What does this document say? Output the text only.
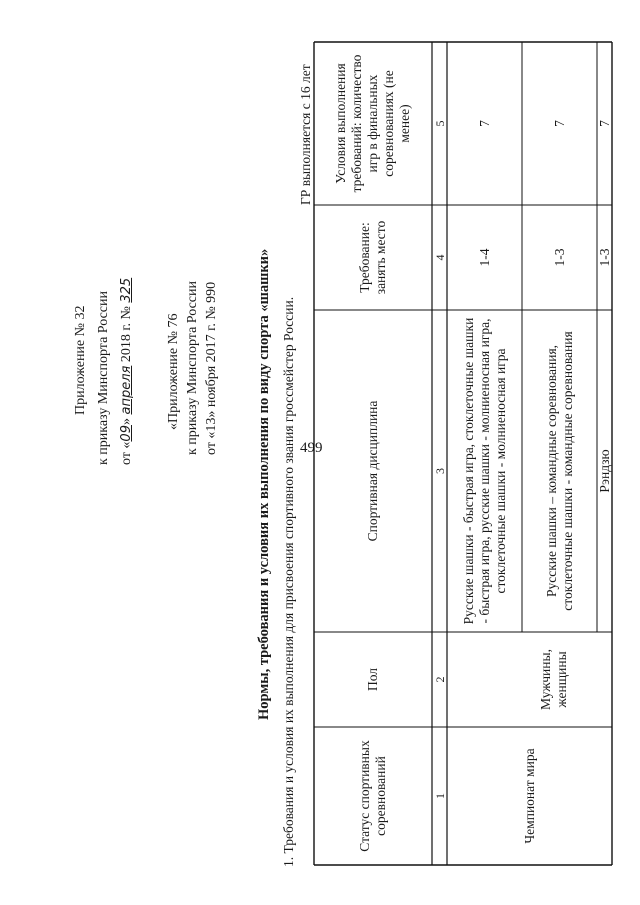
499
Приложение № 32 к приказу Минспорта России от «09» апреля 2018 г. № 325
«Приложение № 76 к приказу Минспорта России от «13» ноября 2017 г. № 990	Нормы, требования и условия их выполнения по виду спорта «шашки» 1. Требования и условия их выполнения для присвоения спортивного звания гроссмейстер России.
ГР выполняется с 16 лет
Статус спортивных соревнований
Пол
Спортивная дисциплина
Требование: занять место
Условия выполнения требований: количество игр в финальных соревнованиях (не менее)
1
2
3
4
5
Чемпионат мира
Мужчины, женщины
Русские шашки - быстрая игра, стоклеточные шашки - быстрая игра, русские шашки - молниеносная игра, стоклеточные шашки - молниеносная игра
1-4
7
Русские шашки – командные соревнования, стоклеточные шашки - командные соревнования
1-3
7
Рэндзю
1-3
7
